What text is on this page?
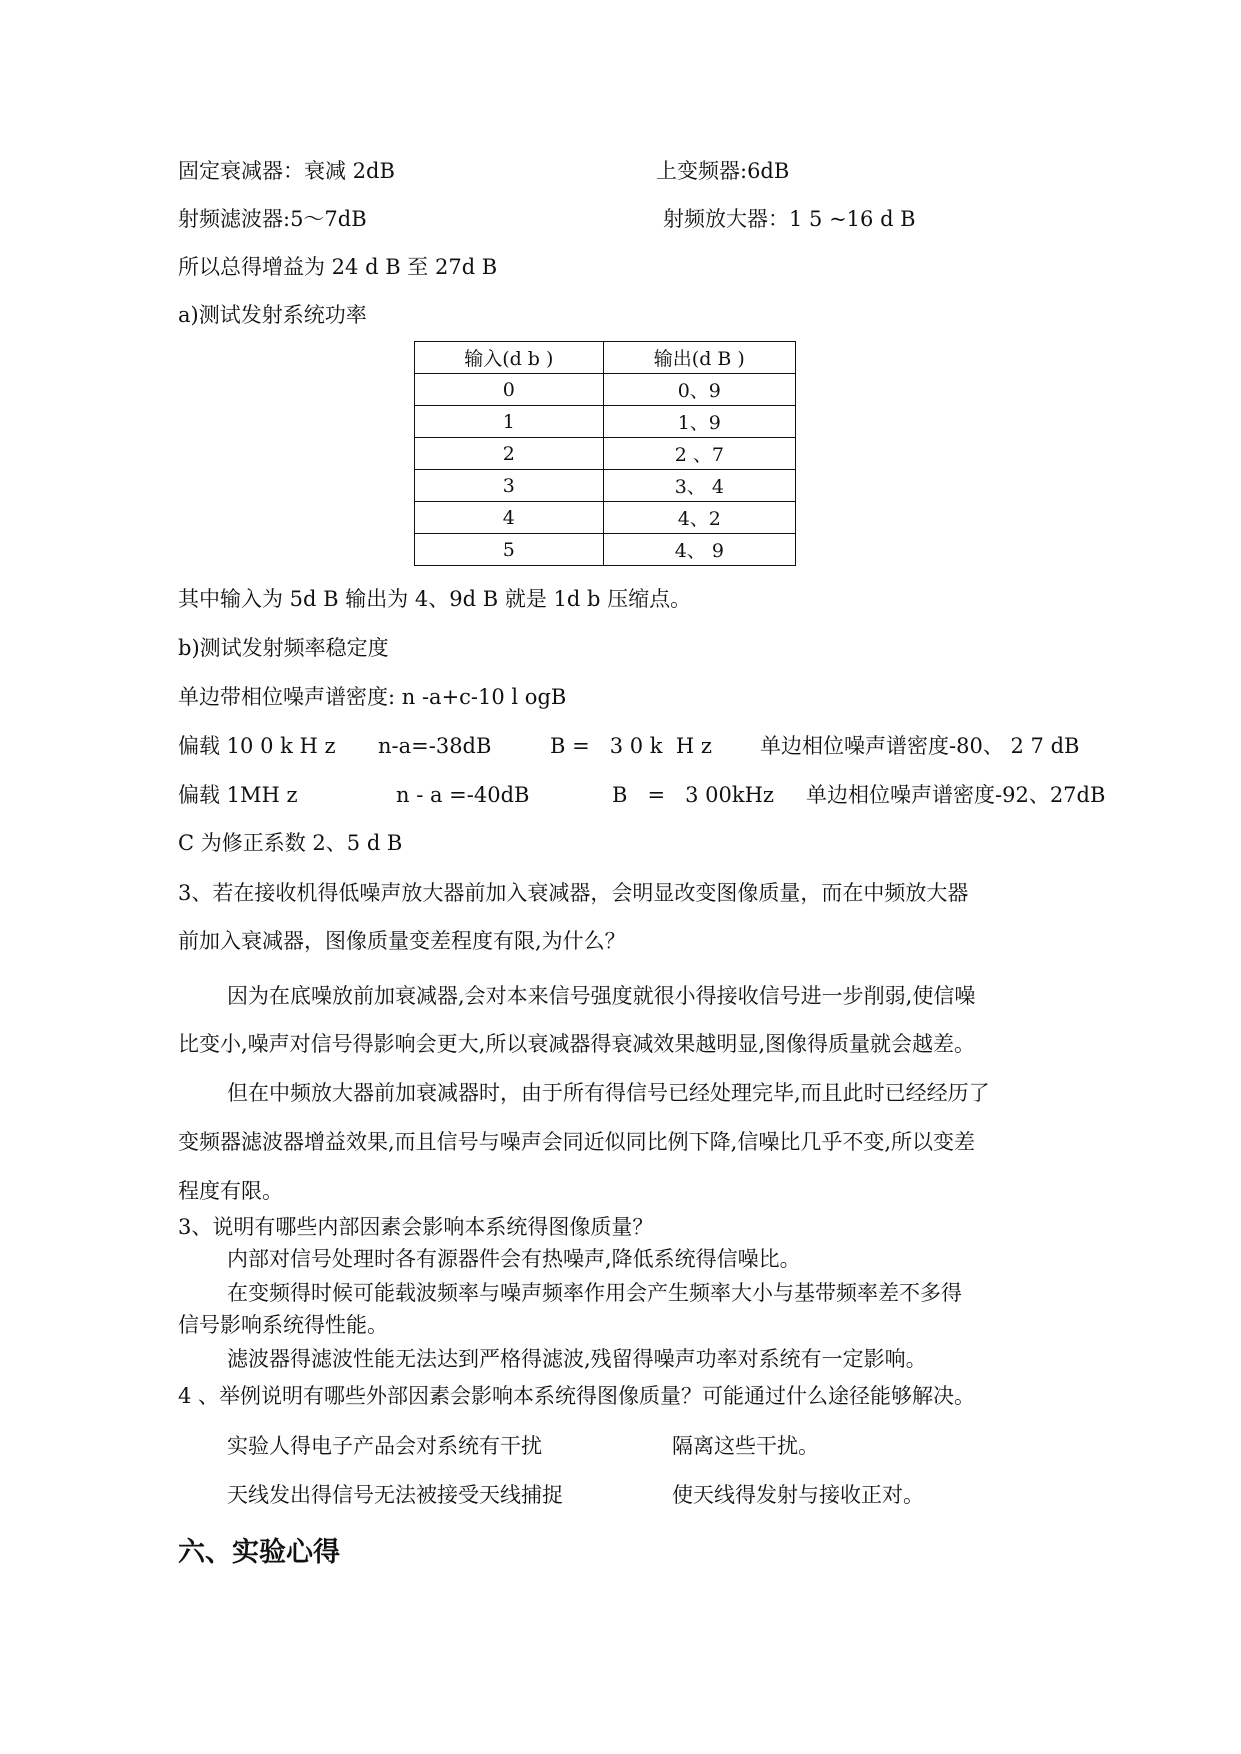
固定衰减器：衰减 2dB	上变频器:6dB
射频滤波器:5～7dB	射频放大器：1 5 ~16 d B
所以总得增益为 24 d B 至 27d B
a)测试发射系统功率
输入(d b )	输出(d B )
0	0、9
1	1、9
2	2 、7
3	3、 4
4	4、2
5	4、 9
其中输入为 5d B 输出为 4、9d B 就是 1d b 压缩点。
b)测试发射频率稳定度
单边带相位噪声谱密度: n -a+c-10 l ogB
偏载 10 0 k H z n-a=-38dB	B =   3 0 k  H z 单边相位噪声谱密度-80、 2 7 dB
偏载 1MH z	n - a =-40dB	B   =   3 00kHz 单边相位噪声谱密度-92、27dB
C 为修正系数 2、5 d B
3、若在接收机得低噪声放大器前加入衰减器，会明显改变图像质量，而在中频放大器
前加入衰减器，图像质量变差程度有限,为什么？
因为在底噪放前加衰减器,会对本来信号强度就很小得接收信号进一步削弱,使信噪
比变小,噪声对信号得影响会更大,所以衰减器得衰减效果越明显,图像得质量就会越差。
但在中频放大器前加衰减器时，由于所有得信号已经处理完毕,而且此时已经经历了
变频器滤波器增益效果,而且信号与噪声会同近似同比例下降,信噪比几乎不变,所以变差
程度有限。
3、说明有哪些内部因素会影响本系统得图像质量？
内部对信号处理时各有源器件会有热噪声,降低系统得信噪比。
在变频得时候可能载波频率与噪声频率作用会产生频率大小与基带频率差不多得
信号影响系统得性能。
滤波器得滤波性能无法达到严格得滤波,残留得噪声功率对系统有一定影响。
4 、举例说明有哪些外部因素会影响本系统得图像质量？可能通过什么途径能够解决。
实验人得电子产品会对系统有干扰	隔离这些干扰。
天线发出得信号无法被接受天线捕捉	使天线得发射与接收正对。
六、实验心得
